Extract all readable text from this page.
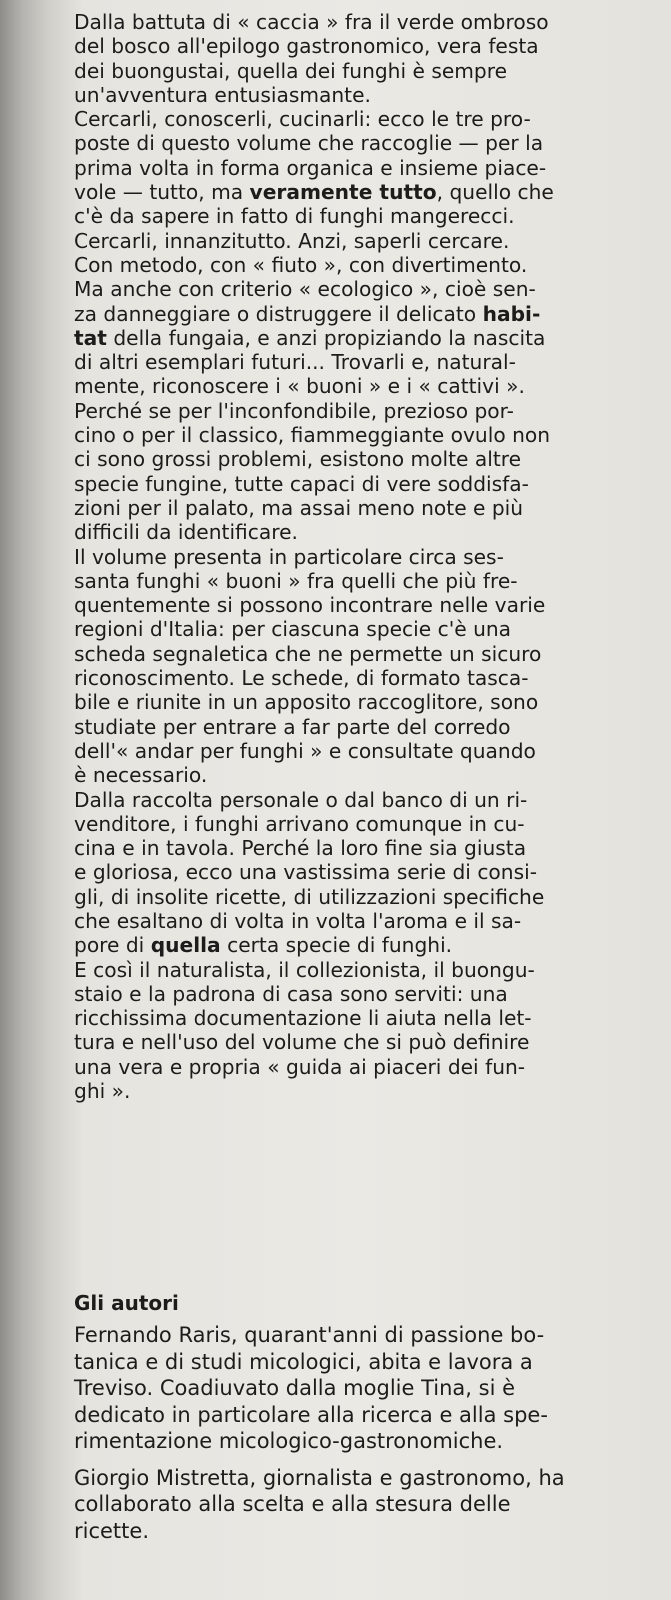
Dalla battuta di « caccia » fra il verde ombroso
del bosco all'epilogo gastronomico, vera festa
dei buongustai, quella dei funghi è sempre
un'avventura entusiasmante.

Cercarli, conoscerli, cucinarli: ecco le tre pro-
poste di questo volume che raccoglie — per la
prima volta in forma organica e insieme piace-
vole — tutto, ma veramente tutto, quello che
c'è da sapere in fatto di funghi mangerecci.

Cercarli, innanzitutto. Anzi, saperli cercare.
Con metodo, con « fiuto », con divertimento.
Ma anche con criterio « ecologico », cioè sen-
za danneggiare o distruggere il delicato habi-
tat della fungaia, e anzi propiziando la nascita
di altri esemplari futuri... Trovarli e, natural-
mente, riconoscere i « buoni » e i « cattivi ».
Perché se per l'inconfondibile, prezioso por-
cino o per il classico, fiammeggiante ovulo non
ci sono grossi problemi, esistono molte altre
specie fungine, tutte capaci di vere soddisfa-
zioni per il palato, ma assai meno note e più
difficili da identificare.

Il volume presenta in particolare circa ses-
santa funghi « buoni » fra quelli che più fre-
quentemente si possono incontrare nelle varie
regioni d'Italia: per ciascuna specie c'è una
scheda segnaletica che ne permette un sicuro
riconoscimento. Le schede, di formato tasca-
bile e riunite in un apposito raccoglitore, sono
studiate per entrare a far parte del corredo
dell'« andar per funghi » e consultate quando
è necessario.

Dalla raccolta personale o dal banco di un ri-
venditore, i funghi arrivano comunque in cu-
cina e in tavola. Perché la loro fine sia giusta
e gloriosa, ecco una vastissima serie di consi-
gli, di insolite ricette, di utilizzazioni specifiche
che esaltano di volta in volta l'aroma e il sa-
pore di quella certa specie di funghi.

E così il naturalista, il collezionista, il buongu-
staio e la padrona di casa sono serviti: una
ricchissima documentazione li aiuta nella let-
tura e nell'uso del volume che si può definire
una vera e propria « guida ai piaceri dei fun-
ghi ».

Gli autori

Fernando Raris, quarant'anni di passione bo-
tanica e di studi micologici, abita e lavora a
Treviso. Coadiuvato dalla moglie Tina, si è
dedicato in particolare alla ricerca e alla spe-
rimentazione micologico-gastronomiche.

Giorgio Mistretta, giornalista e gastronomo, ha
collaborato alla scelta e alla stesura delle
ricette.
